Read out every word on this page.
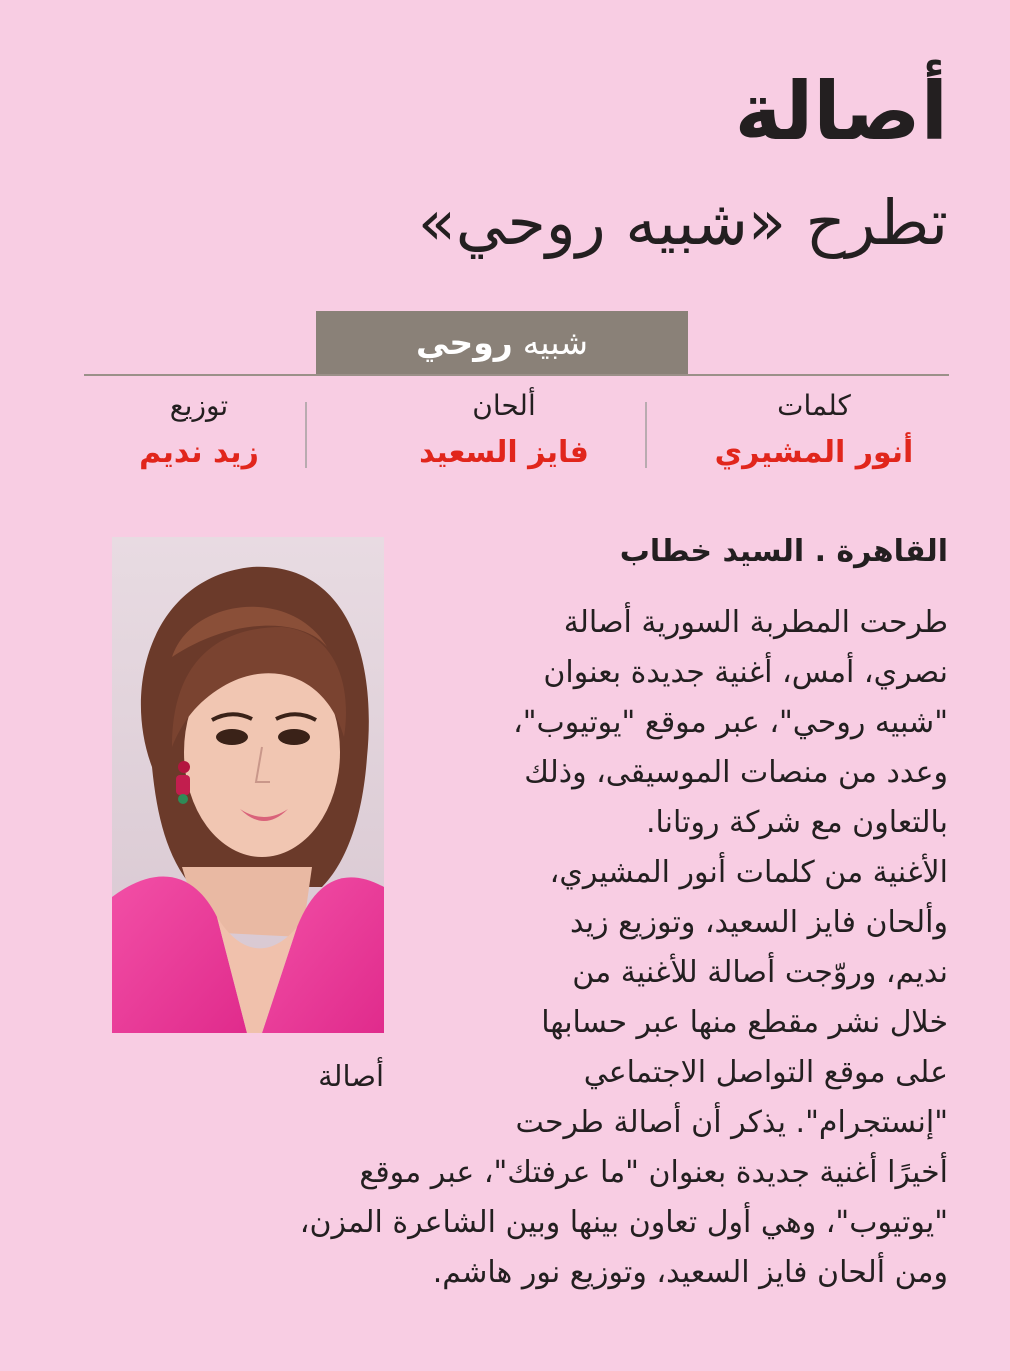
أصالة
تطرح «شبيه روحي»
شبيه
روحي
كلمات
أنور المشيري
ألحان
فايز السعيد
توزيع
زيد نديم

القاهرة . السيد خطاب

أصالة
طرحت المطربة السورية أصالة
نصري، أمس، أغنية جديدة بعنوان
"شبيه روحي"، عبر موقع "يوتيوب"،
وعدد من منصات الموسيقى، وذلك
بالتعاون مع شركة روتانا.
الأغنية من كلمات أنور المشيري،
وألحان فايز السعيد، وتوزيع زيد
نديم، وروّجت أصالة للأغنية من
خلال نشر مقطع منها عبر حسابها
على موقع التواصل الاجتماعي
"إنستجرام". يذكر أن أصالة طرحت
أخيرًا أغنية جديدة بعنوان "ما عرفتك"، عبر موقع
"يوتيوب"، وهي أول تعاون بينها وبين الشاعرة المزن،
ومن ألحان فايز السعيد، وتوزيع نور هاشم.
